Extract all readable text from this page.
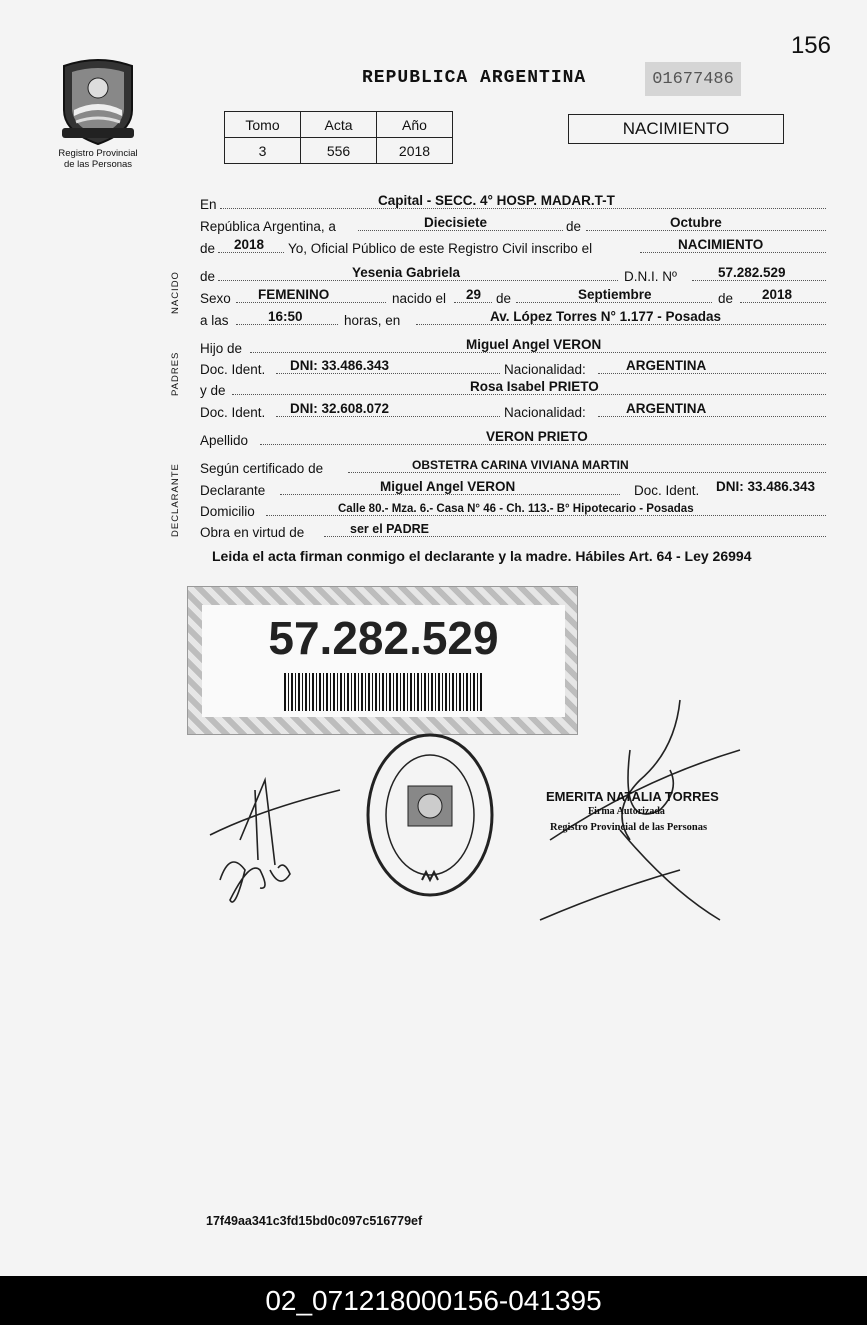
156
Registro Provincial
de las Personas
REPUBLICA ARGENTINA	01677486
Tomo	Acta	Año
3	556	2018
NACIMIENTO
NACIDO
PADRES
DECLARANTE
En	Capital - SECC. 4° HOSP. MADAR.T-T
República Argentina, a	Diecisiete	de	Octubre
de 2018 Yo, Oficial Público de este Registro Civil inscribo el	NACIMIENTO
de	Yesenia Gabriela	D.N.I. Nº	57.282.529
Sexo FEMENINO	nacido el 29 de	Septiembre	de 2018
a las	16:50	horas, en	Av. López Torres N° 1.177 - Posadas
Hijo de	Miguel Angel VERON
Doc. Ident. DNI: 33.486.343	Nacionalidad:	ARGENTINA
y de	Rosa Isabel PRIETO
Doc. Ident. DNI: 32.608.072	Nacionalidad:	ARGENTINA
Apellido	VERON PRIETO
Según certificado de	OBSTETRA CARINA VIVIANA MARTIN
Declarante	Miguel Angel VERON	Doc. Ident. DNI: 33.486.343
Domicilio	Calle 80.- Mza. 6.- Casa N° 46 - Ch. 113.- B° Hipotecario - Posadas
Obra en virtud de	ser el PADRE
Leida el acta firman conmigo el declarante y la madre. Hábiles Art. 64 - Ley 26994
57.282.529
EMERITA NATALIA TORRES
Firma Autorizada
Registro Provincial de las Personas
17f49aa341c3fd15bd0c097c516779ef
02_071218000156-041395
